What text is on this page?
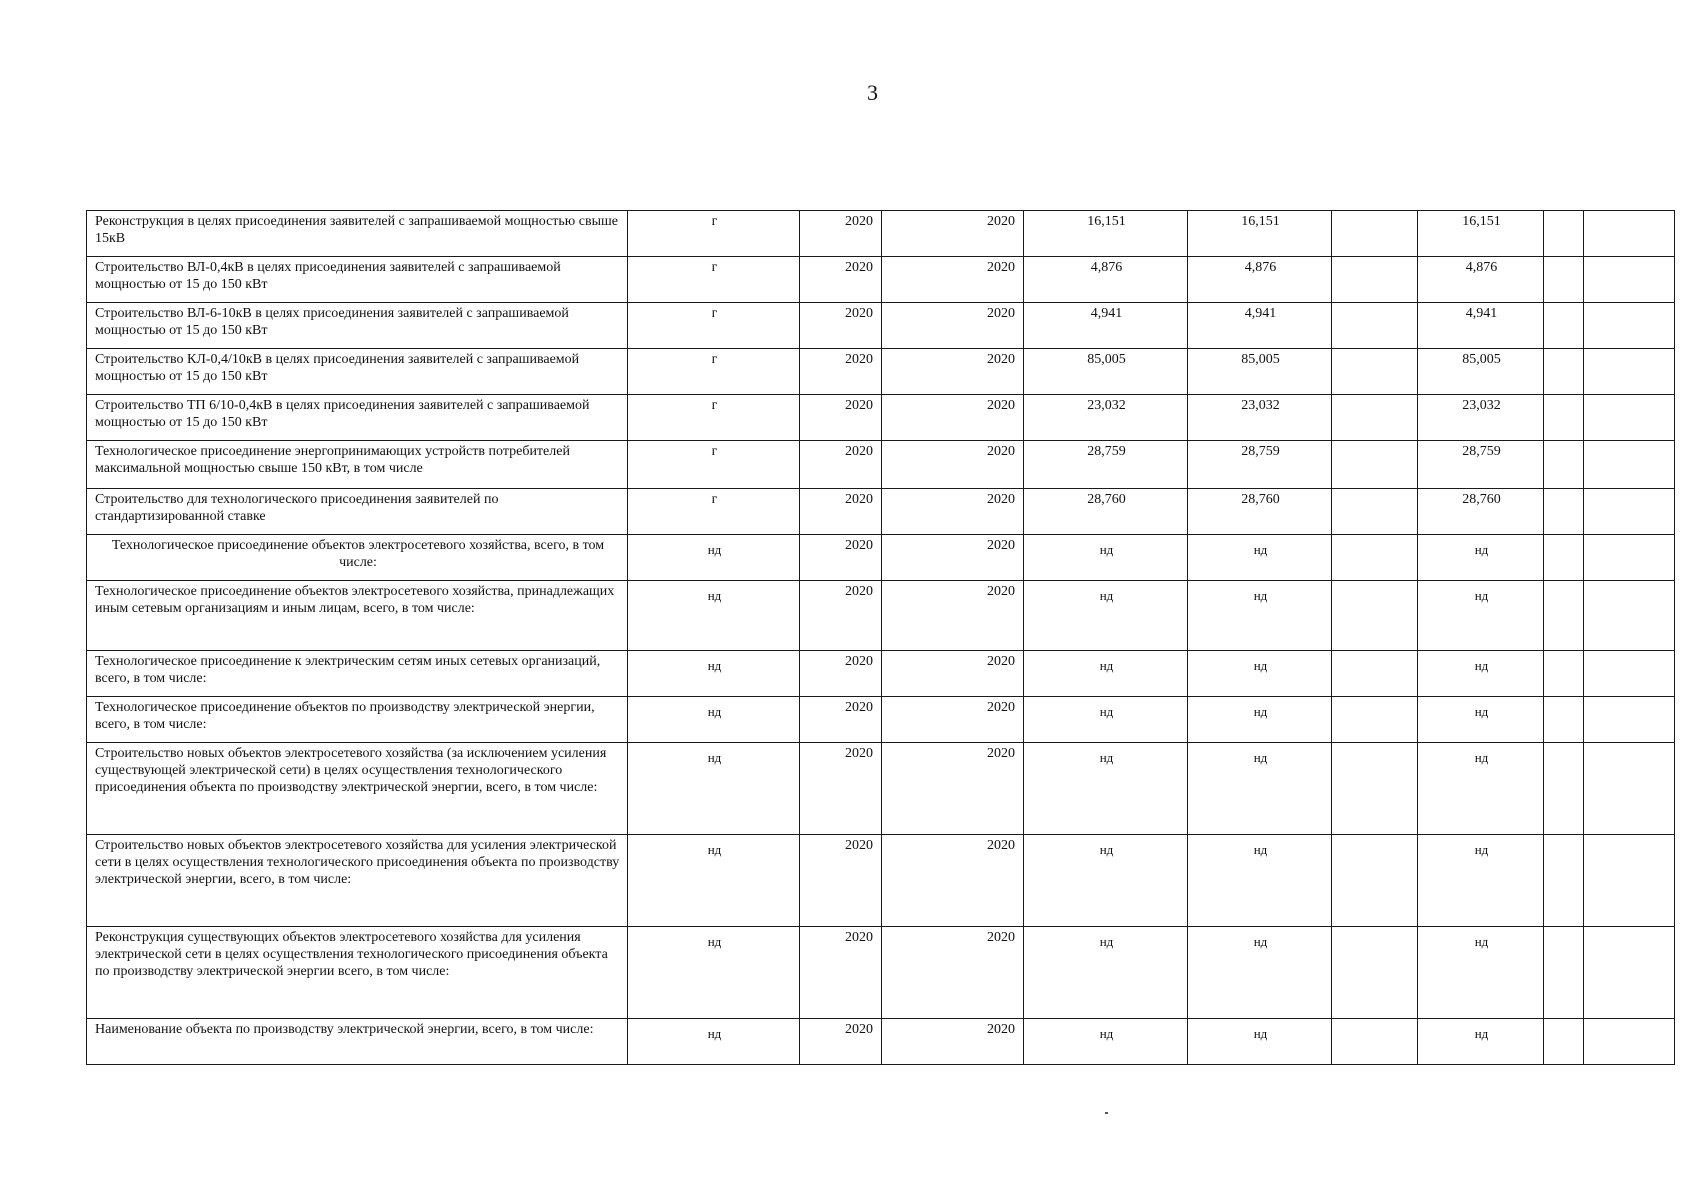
3
Реконструкция в целях присоединения заявителей с запрашиваемой мощностью свыше 15кВ	г	2020	2020	16,151	16,151		16,151		
Строительство ВЛ-0,4кВ в целях присоединения заявителей с запрашиваемой мощностью от 15 до 150 кВт	г	2020	2020	4,876	4,876		4,876		
Строительство ВЛ-6-10кВ в целях присоединения заявителей с запрашиваемой мощностью от 15 до 150 кВт	г	2020	2020	4,941	4,941		4,941		
Строительство КЛ-0,4/10кВ в целях присоединения заявителей с запрашиваемой мощностью от 15 до 150 кВт	г	2020	2020	85,005	85,005		85,005		
Строительство ТП 6/10-0,4кВ в целях присоединения заявителей с запрашиваемой мощностью от 15 до 150 кВт	г	2020	2020	23,032	23,032		23,032		
Технологическое присоединение энергопринимающих устройств потребителей максимальной мощностью свыше 150 кВт, в том числе	г	2020	2020	28,759	28,759		28,759		
Строительство для технологического присоединения заявителей по стандартизированной ставке	г	2020	2020	28,760	28,760		28,760		
Технологическое присоединение объектов электросетевого хозяйства, всего, в том числе:	нд	2020	2020	нд	нд		нд		
Технологическое присоединение объектов электросетевого хозяйства, принадлежащих иным сетевым организациям и иным лицам, всего, в том числе:	нд	2020	2020	нд	нд		нд		
Технологическое присоединение к электрическим сетям иных сетевых организаций, всего, в том числе:	нд	2020	2020	нд	нд		нд		
Технологическое присоединение объектов по производству электрической энергии, всего, в том числе:	нд	2020	2020	нд	нд		нд		
Строительство новых объектов электросетевого хозяйства (за исключением усиления существующей электрической сети) в целях осуществления технологического присоединения объекта по производству электрической энергии, всего, в том числе:	нд	2020	2020	нд	нд		нд		
Строительство новых объектов электросетевого хозяйства для усиления электрической сети в целях осуществления технологического присоединения объекта по производству электрической энергии, всего, в том числе:	нд	2020	2020	нд	нд		нд		
Реконструкция существующих объектов электросетевого хозяйства для усиления электрической сети в целях осуществления технологического присоединения объекта по производству электрической энергии всего, в том числе:	нд	2020	2020	нд	нд		нд		
Наименование объекта по производству электрической энергии, всего, в том числе:	нд	2020	2020	нд	нд		нд		
